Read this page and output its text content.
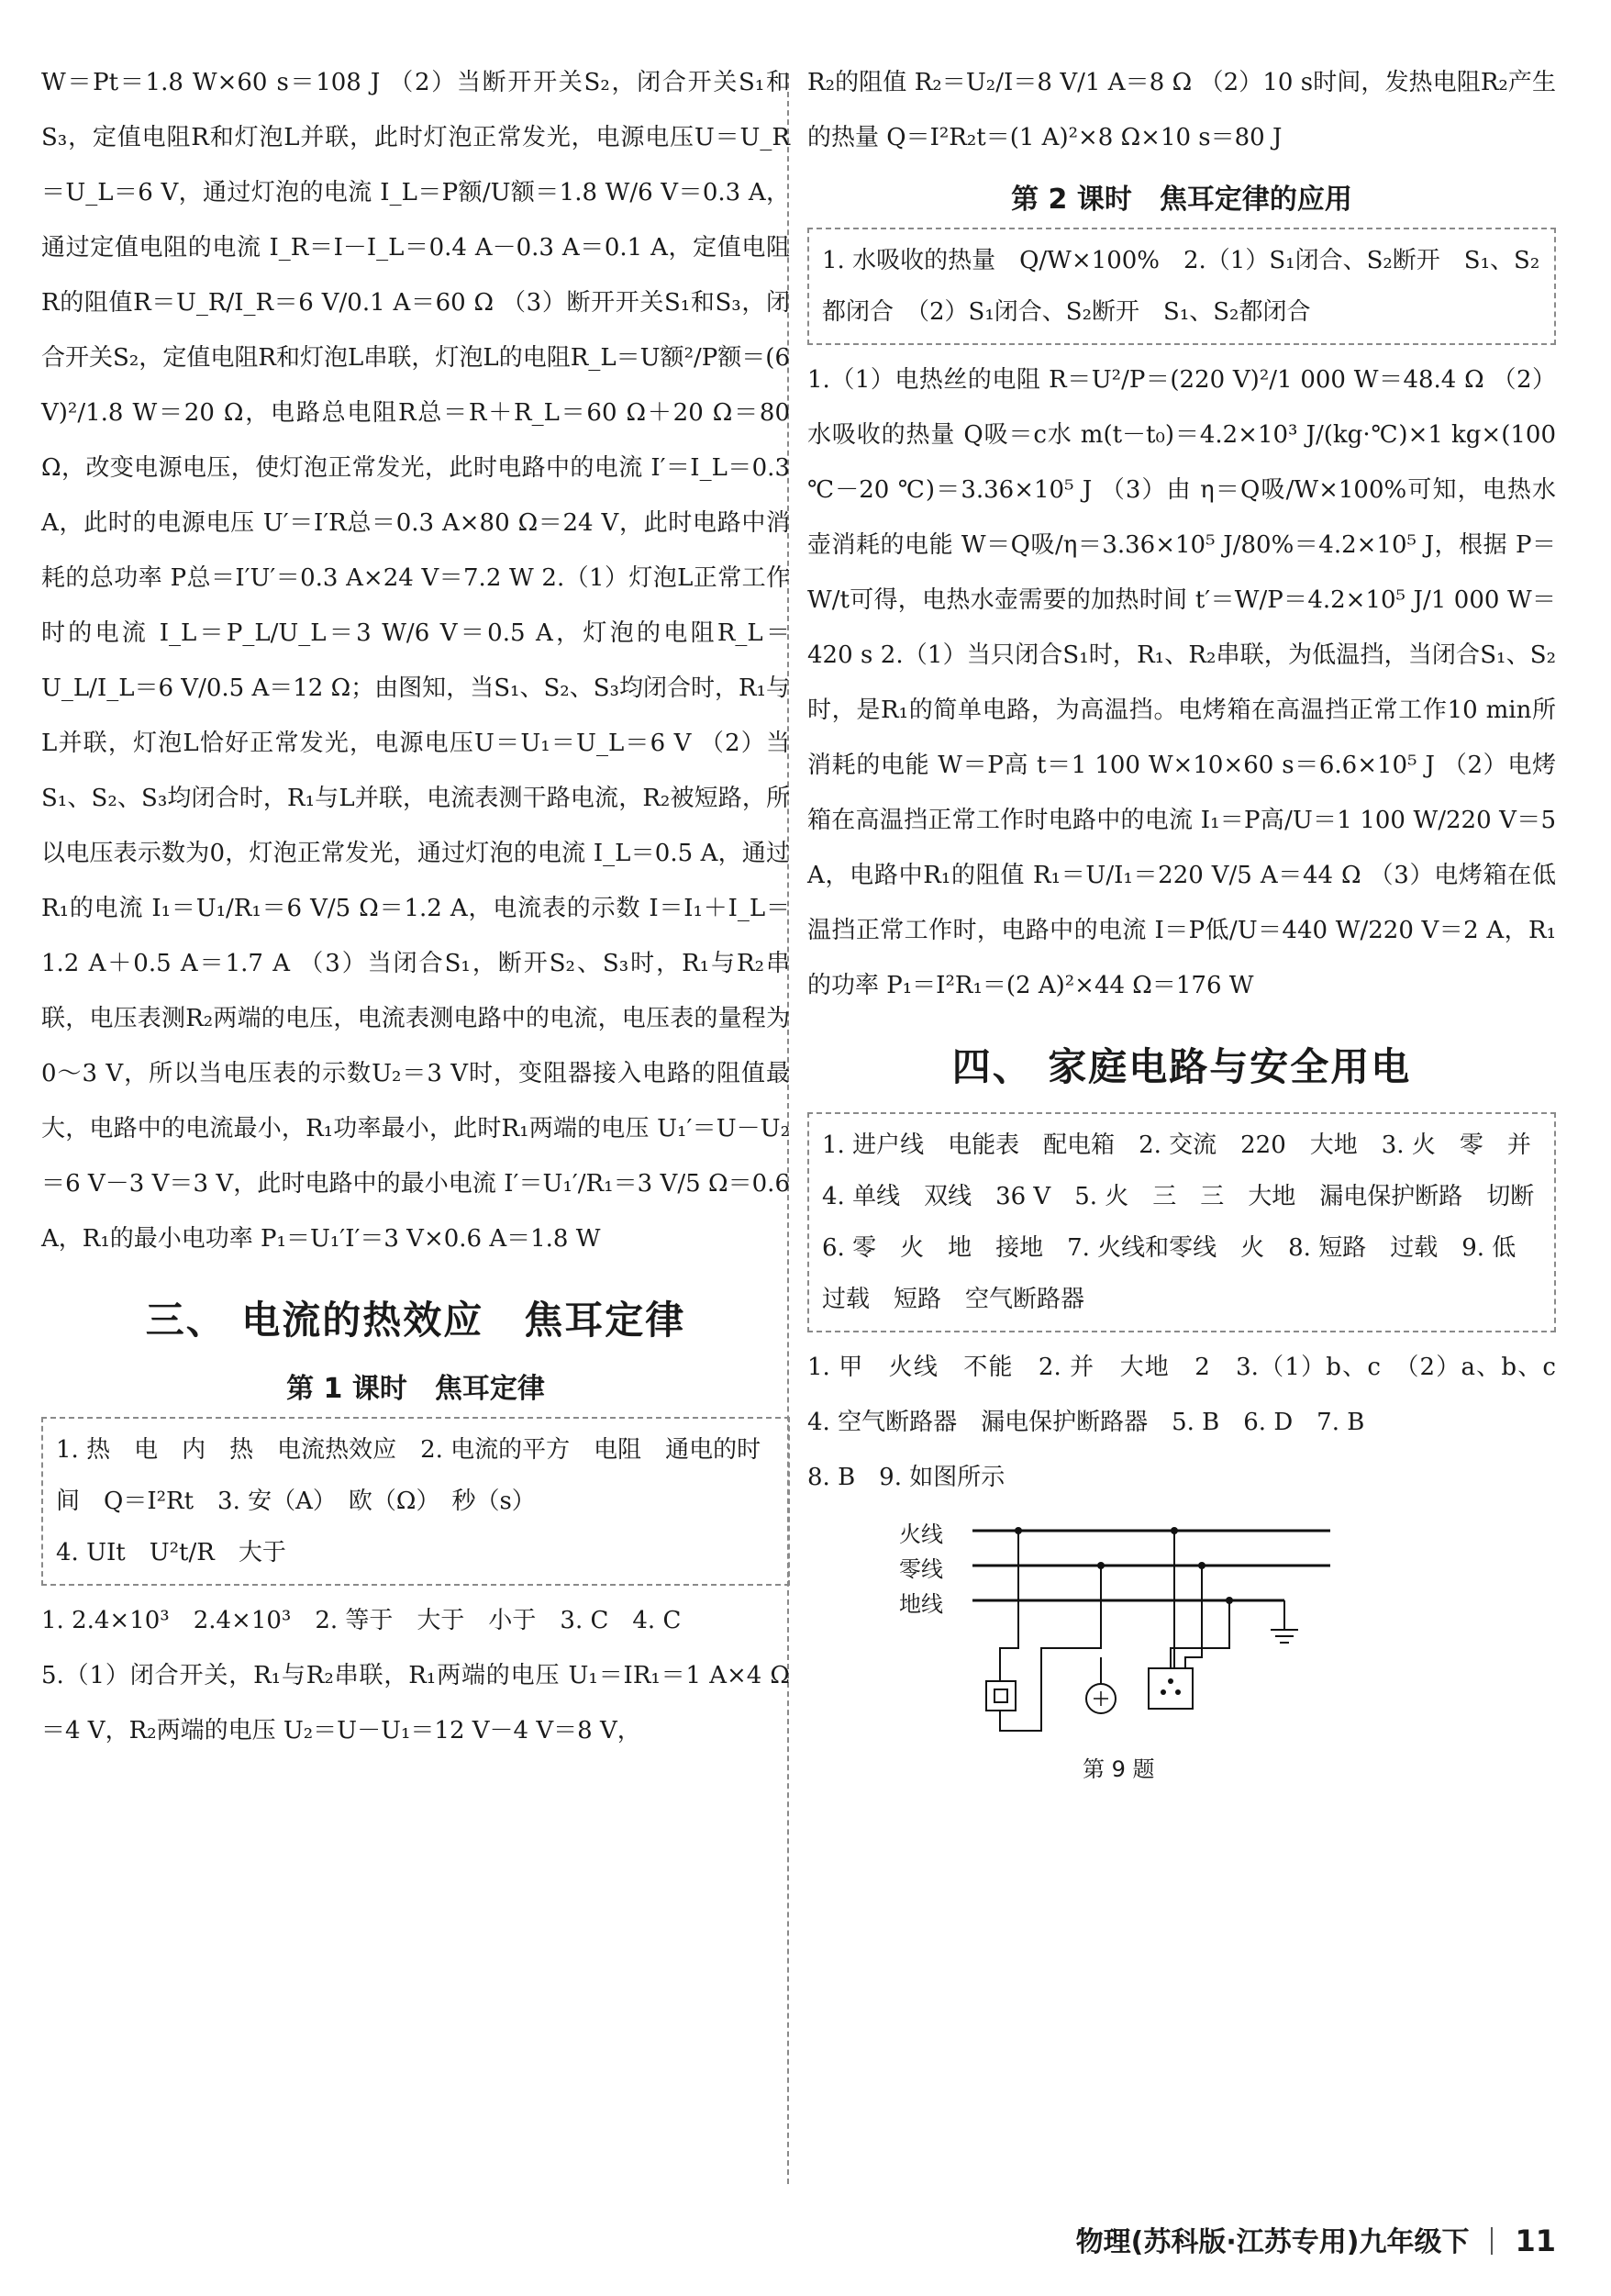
W＝Pt＝1.8 W×60 s＝108 J （2）当断开开关S₂，闭合开关S₁和S₃，定值电阻R和灯泡L并联，此时灯泡正常发光，电源电压U＝U_R＝U_L＝6 V，通过灯泡的电流 I_L＝P额/U额＝1.8 W/6 V＝0.3 A，通过定值电阻的电流 I_R＝I－I_L＝0.4 A－0.3 A＝0.1 A，定值电阻R的阻值R＝U_R/I_R＝6 V/0.1 A＝60 Ω （3）断开开关S₁和S₃，闭合开关S₂，定值电阻R和灯泡L串联，灯泡L的电阻R_L＝U额²/P额＝(6 V)²/1.8 W＝20 Ω，电路总电阻R总＝R＋R_L＝60 Ω＋20 Ω＝80 Ω，改变电源电压，使灯泡正常发光，此时电路中的电流 I′＝I_L＝0.3 A，此时的电源电压 U′＝I′R总＝0.3 A×80 Ω＝24 V，此时电路中消耗的总功率 P总＝I′U′＝0.3 A×24 V＝7.2 W 2.（1）灯泡L正常工作时的电流 I_L＝P_L/U_L＝3 W/6 V＝0.5 A，灯泡的电阻R_L＝U_L/I_L＝6 V/0.5 A＝12 Ω；由图知，当S₁、S₂、S₃均闭合时，R₁与L并联，灯泡L恰好正常发光，电源电压U＝U₁＝U_L＝6 V （2）当S₁、S₂、S₃均闭合时，R₁与L并联，电流表测干路电流，R₂被短路，所以电压表示数为0，灯泡正常发光，通过灯泡的电流 I_L＝0.5 A，通过R₁的电流 I₁＝U₁/R₁＝6 V/5 Ω＝1.2 A，电流表的示数 I＝I₁＋I_L＝1.2 A＋0.5 A＝1.7 A （3）当闭合S₁，断开S₂、S₃时，R₁与R₂串联，电压表测R₂两端的电压，电流表测电路中的电流，电压表的量程为0～3 V，所以当电压表的示数U₂＝3 V时，变阻器接入电路的阻值最大，电路中的电流最小，R₁功率最小，此时R₁两端的电压 U₁′＝U－U₂＝6 V－3 V＝3 V，此时电路中的最小电流 I′＝U₁′/R₁＝3 V/5 Ω＝0.6 A，R₁的最小电功率 P₁＝U₁′I′＝3 V×0.6 A＝1.8 W

三、 电流的热效应　焦耳定律
第 1 课时　焦耳定律

1. 热　电　内　热　电流热效应　2. 电流的平方　电阻　通电的时间　Q＝I²Rt　3. 安（A）　欧（Ω）　秒（s）

4. UIt　U²t/R　大于

1. 2.4×10³　2.4×10³　2. 等于　大于　小于　3. C　4. C

5.（1）闭合开关，R₁与R₂串联，R₁两端的电压 U₁＝IR₁＝1 A×4 Ω＝4 V，R₂两端的电压 U₂＝U－U₁＝12 V－4 V＝8 V，

R₂的阻值 R₂＝U₂/I＝8 V/1 A＝8 Ω （2）10 s时间，发热电阻R₂产生的热量 Q＝I²R₂t＝(1 A)²×8 Ω×10 s＝80 J

第 2 课时　焦耳定律的应用

1. 水吸收的热量　Q/W×100%　2.（1）S₁闭合、S₂断开　S₁、S₂都闭合　（2）S₁闭合、S₂断开　S₁、S₂都闭合

1.（1）电热丝的电阻 R＝U²/P＝(220 V)²/1 000 W＝48.4 Ω （2）水吸收的热量 Q吸＝c水 m(t－t₀)＝4.2×10³ J/(kg·℃)×1 kg×(100 ℃－20 ℃)＝3.36×10⁵ J （3）由 η＝Q吸/W×100%可知，电热水壶消耗的电能 W＝Q吸/η＝3.36×10⁵ J/80%＝4.2×10⁵ J，根据 P＝W/t可得，电热水壶需要的加热时间 t′＝W/P＝4.2×10⁵ J/1 000 W＝420 s 2.（1）当只闭合S₁时，R₁、R₂串联，为低温挡，当闭合S₁、S₂时，是R₁的简单电路，为高温挡。电烤箱在高温挡正常工作10 min所消耗的电能 W＝P高 t＝1 100 W×10×60 s＝6.6×10⁵ J （2）电烤箱在高温挡正常工作时电路中的电流 I₁＝P高/U＝1 100 W/220 V＝5 A，电路中R₁的阻值 R₁＝U/I₁＝220 V/5 A＝44 Ω （3）电烤箱在低温挡正常工作时，电路中的电流 I＝P低/U＝440 W/220 V＝2 A，R₁的功率 P₁＝I²R₁＝(2 A)²×44 Ω＝176 W

四、 家庭电路与安全用电

1. 进户线　电能表　配电箱　2. 交流　220　大地　3. 火　零　并　4. 单线　双线　36 V　5. 火　三　三　大地　漏电保护断路　切断　6. 零　火　地　接地　7. 火线和零线　火　8. 短路　过载　9. 低　过载　短路　空气断路器

1. 甲　火线　不能　2. 并　大地　2　3.（1）b、c　（2）a、b、c　4. 空气断路器　漏电保护断路器　5. B　6. D　7. B

8. B　9. 如图所示

火线
零线
地线
第 9 题
物理(苏科版·江苏专用)九年级下 11
